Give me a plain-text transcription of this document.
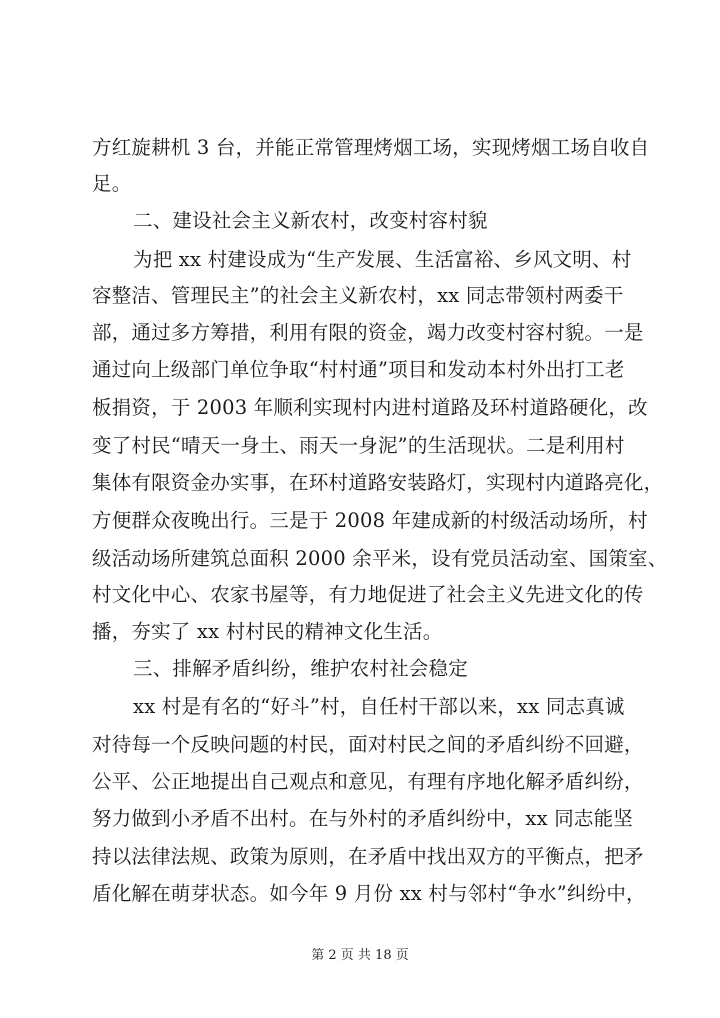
方红旋耕机 3 台，并能正常管理烤烟工场，实现烤烟工场自收自
足。
二、建设社会主义新农村，改变村容村貌
为把 xx 村建设成为“生产发展、生活富裕、乡风文明、村
容整洁、管理民主”的社会主义新农村，xx 同志带领村两委干
部，通过多方筹措，利用有限的资金，竭力改变村容村貌。一是
通过向上级部门单位争取“村村通”项目和发动本村外出打工老
板捐资，于 2003 年顺利实现村内进村道路及环村道路硬化，改
变了村民“晴天一身土、雨天一身泥”的生活现状。二是利用村
集体有限资金办实事，在环村道路安装路灯，实现村内道路亮化，
方便群众夜晚出行。三是于 2008 年建成新的村级活动场所，村
级活动场所建筑总面积 2000 余平米，设有党员活动室、国策室、
村文化中心、农家书屋等，有力地促进了社会主义先进文化的传
播，夯实了 xx 村村民的精神文化生活。
三、排解矛盾纠纷，维护农村社会稳定
xx 村是有名的“好斗”村，自任村干部以来，xx 同志真诚
对待每一个反映问题的村民，面对村民之间的矛盾纠纷不回避，
公平、公正地提出自己观点和意见，有理有序地化解矛盾纠纷，
努力做到小矛盾不出村。在与外村的矛盾纠纷中，xx 同志能坚
持以法律法规、政策为原则，在矛盾中找出双方的平衡点，把矛
盾化解在萌芽状态。如今年 9 月份 xx 村与邻村“争水”纠纷中，
第 2 页 共 18 页
